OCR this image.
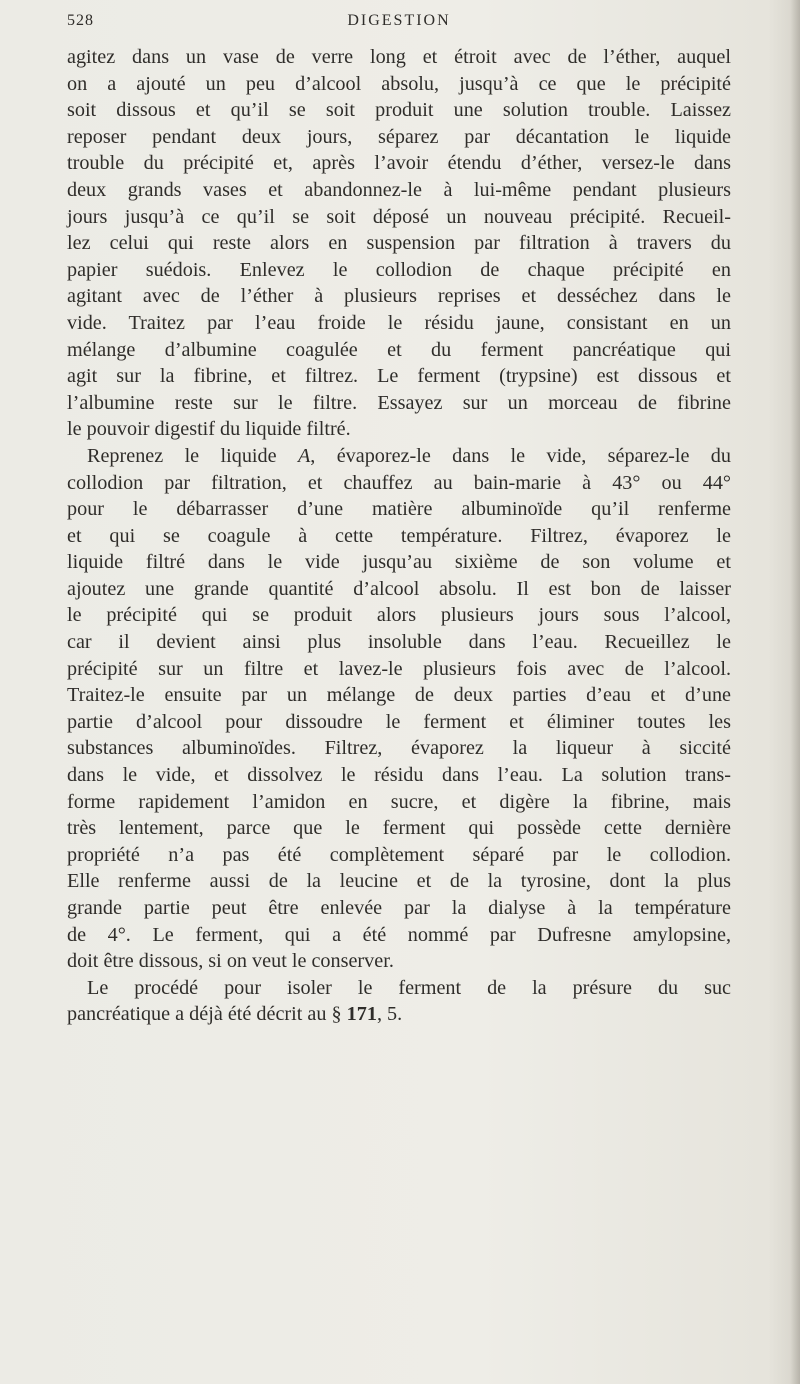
528	DIGESTION
agitez dans un vase de verre long et étroit avec de l’éther, auquel
on a ajouté un peu d’alcool absolu, jusqu’à ce que le précipité
soit dissous et qu’il se soit produit une solution trouble. Laissez
reposer pendant deux jours, séparez par décantation le liquide
trouble du précipité et, après l’avoir étendu d’éther, versez-le dans
deux grands vases et abandonnez-le à lui-même pendant plusieurs
jours jusqu’à ce qu’il se soit déposé un nouveau précipité. Recueil-
lez celui qui reste alors en suspension par filtration à travers du
papier suédois. Enlevez le collodion de chaque précipité en
agitant avec de l’éther à plusieurs reprises et desséchez dans le
vide. Traitez par l’eau froide le résidu jaune, consistant en un
mélange d’albumine coagulée et du ferment pancréatique qui
agit sur la fibrine, et filtrez. Le ferment (trypsine) est dissous et
l’albumine reste sur le filtre. Essayez sur un morceau de fibrine
le pouvoir digestif du liquide filtré.
Reprenez le liquide A, évaporez-le dans le vide, séparez-le du
collodion par filtration, et chauffez au bain-marie à 43° ou 44°
pour le débarrasser d’une matière albuminoïde qu’il renferme
et qui se coagule à cette température. Filtrez, évaporez le
liquide filtré dans le vide jusqu’au sixième de son volume et
ajoutez une grande quantité d’alcool absolu. Il est bon de laisser
le précipité qui se produit alors plusieurs jours sous l’alcool,
car il devient ainsi plus insoluble dans l’eau. Recueillez le
précipité sur un filtre et lavez-le plusieurs fois avec de l’alcool.
Traitez-le ensuite par un mélange de deux parties d’eau et d’une
partie d’alcool pour dissoudre le ferment et éliminer toutes les
substances albuminoïdes. Filtrez, évaporez la liqueur à siccité
dans le vide, et dissolvez le résidu dans l’eau. La solution trans-
forme rapidement l’amidon en sucre, et digère la fibrine, mais
très lentement, parce que le ferment qui possède cette dernière
propriété n’a pas été complètement séparé par le collodion.
Elle renferme aussi de la leucine et de la tyrosine, dont la plus
grande partie peut être enlevée par la dialyse à la température
de 4°. Le ferment, qui a été nommé par Dufresne amylopsine,
doit être dissous, si on veut le conserver.
Le procédé pour isoler le ferment de la présure du suc
pancréatique a déjà été décrit au § 171, 5.
